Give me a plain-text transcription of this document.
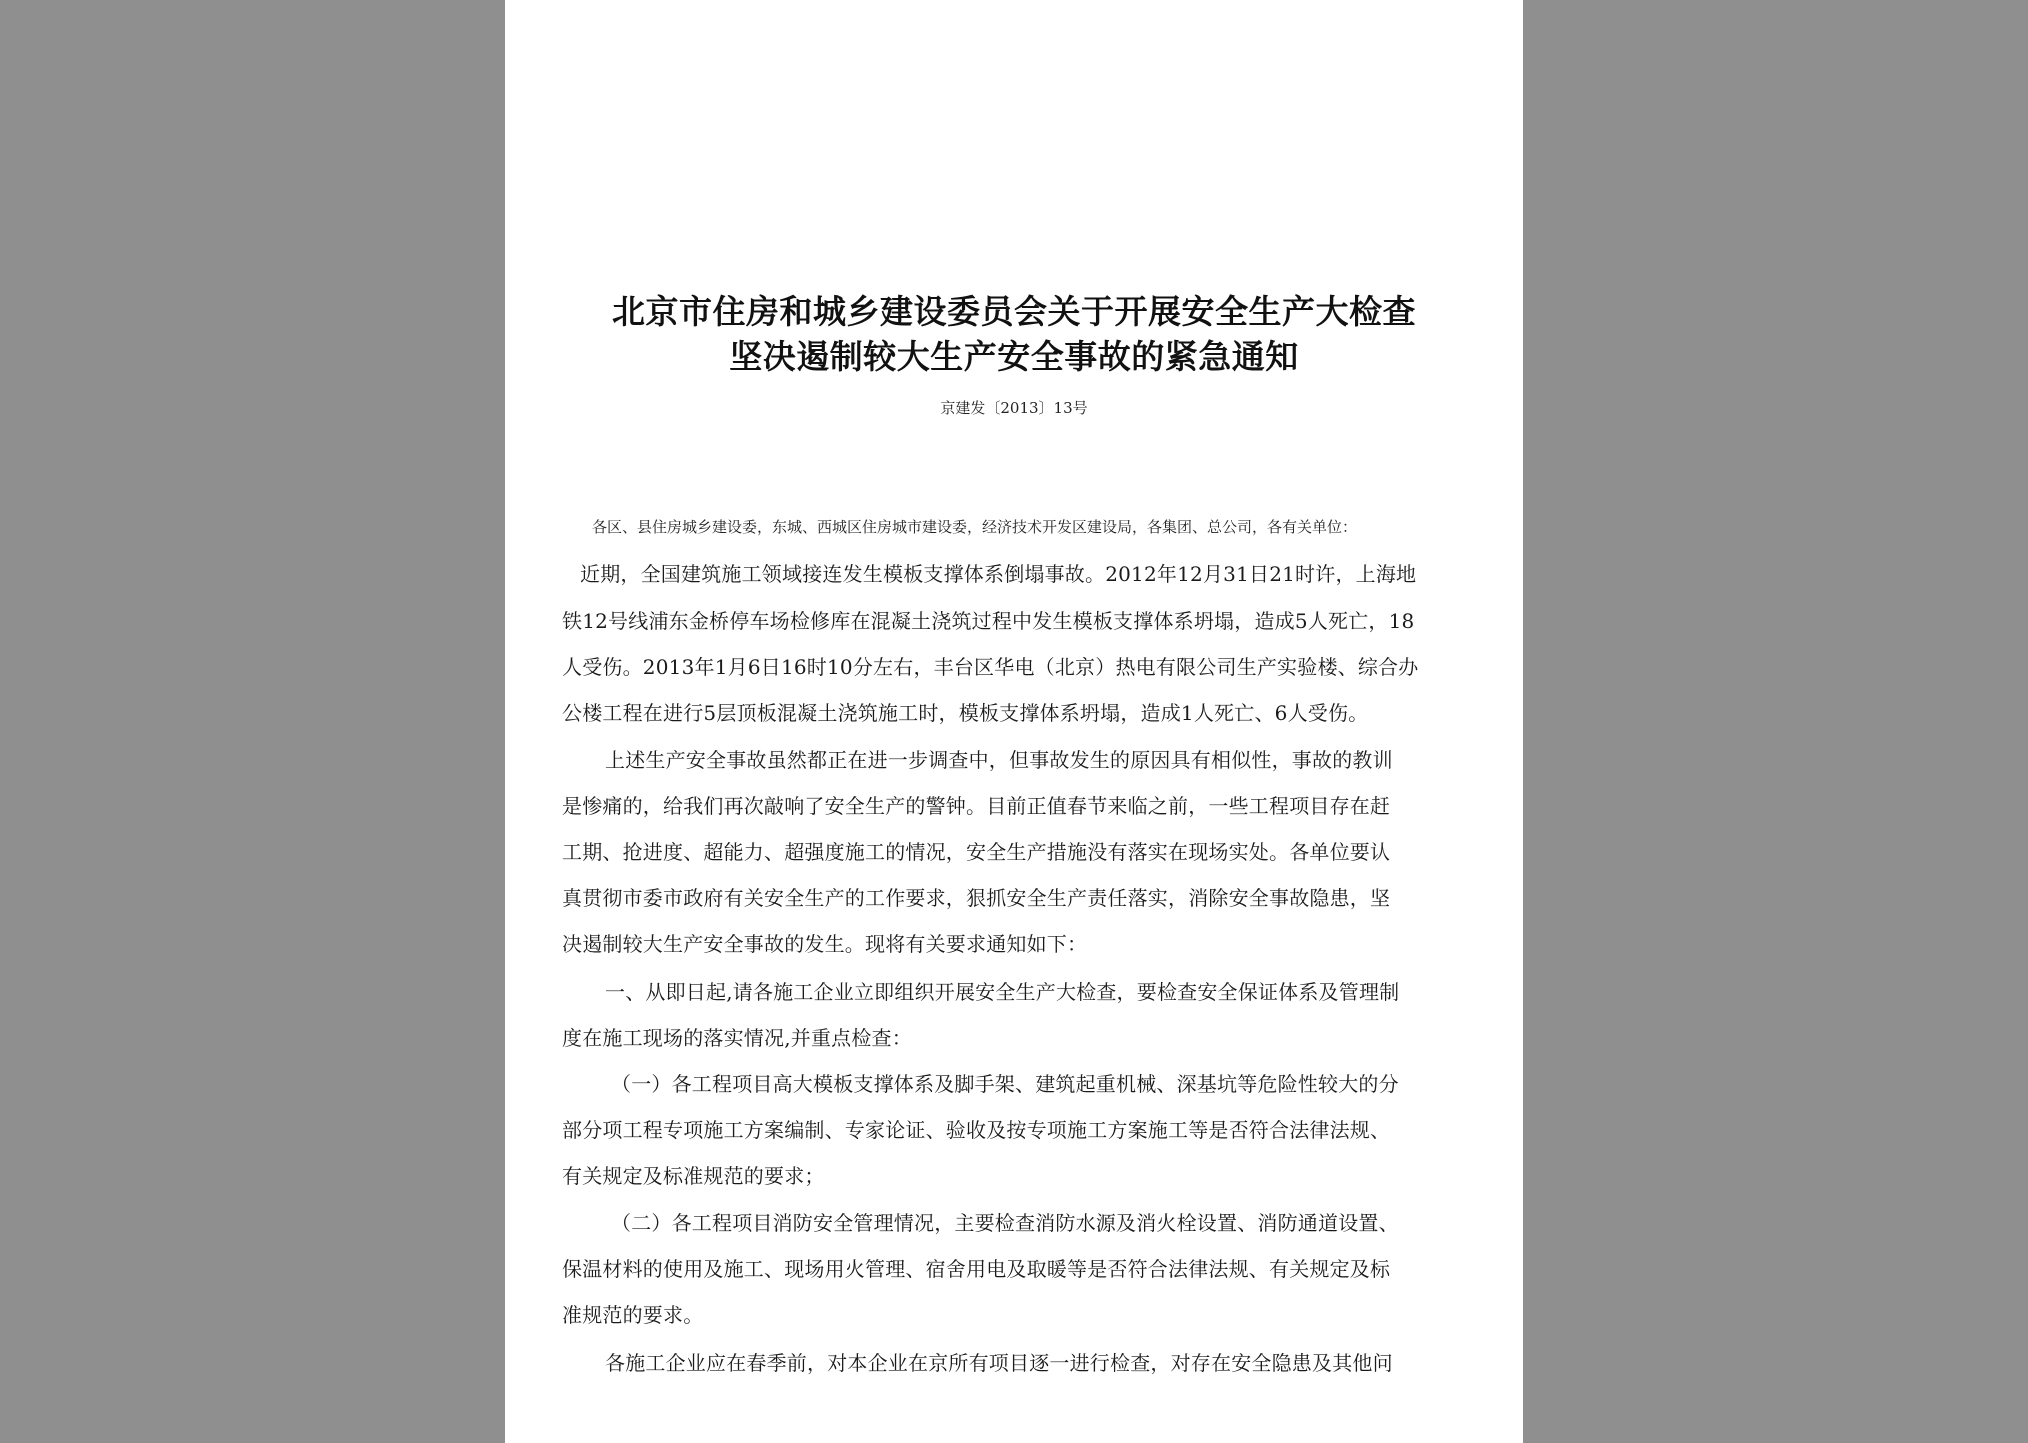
北京市住房和城乡建设委员会关于开展安全生产大检查
坚决遏制较大生产安全事故的紧急通知
京建发〔2013〕13号
各区、县住房城乡建设委，东城、西城区住房城市建设委，经济技术开发区建设局，各集团、总公司，各有关单位：
近期，全国建筑施工领域接连发生模板支撑体系倒塌事故。2012年12月31日21时许，上海地
铁12号线浦东金桥停车场检修库在混凝土浇筑过程中发生模板支撑体系坍塌，造成5人死亡，18
人受伤。2013年1月6日16时10分左右，丰台区华电（北京）热电有限公司生产实验楼、综合办
公楼工程在进行5层顶板混凝土浇筑施工时，模板支撑体系坍塌，造成1人死亡、6人受伤。
上述生产安全事故虽然都正在进一步调查中，但事故发生的原因具有相似性，事故的教训
是惨痛的，给我们再次敲响了安全生产的警钟。目前正值春节来临之前，一些工程项目存在赶
工期、抢进度、超能力、超强度施工的情况，安全生产措施没有落实在现场实处。各单位要认
真贯彻市委市政府有关安全生产的工作要求，狠抓安全生产责任落实，消除安全事故隐患，坚
决遏制较大生产安全事故的发生。现将有关要求通知如下：
一、从即日起,请各施工企业立即组织开展安全生产大检查，要检查安全保证体系及管理制
度在施工现场的落实情况,并重点检查：
（一）各工程项目高大模板支撑体系及脚手架、建筑起重机械、深基坑等危险性较大的分
部分项工程专项施工方案编制、专家论证、验收及按专项施工方案施工等是否符合法律法规、
有关规定及标准规范的要求；
（二）各工程项目消防安全管理情况，主要检查消防水源及消火栓设置、消防通道设置、
保温材料的使用及施工、现场用火管理、宿舍用电及取暖等是否符合法律法规、有关规定及标
准规范的要求。
各施工企业应在春季前，对本企业在京所有项目逐一进行检查，对存在安全隐患及其他问
